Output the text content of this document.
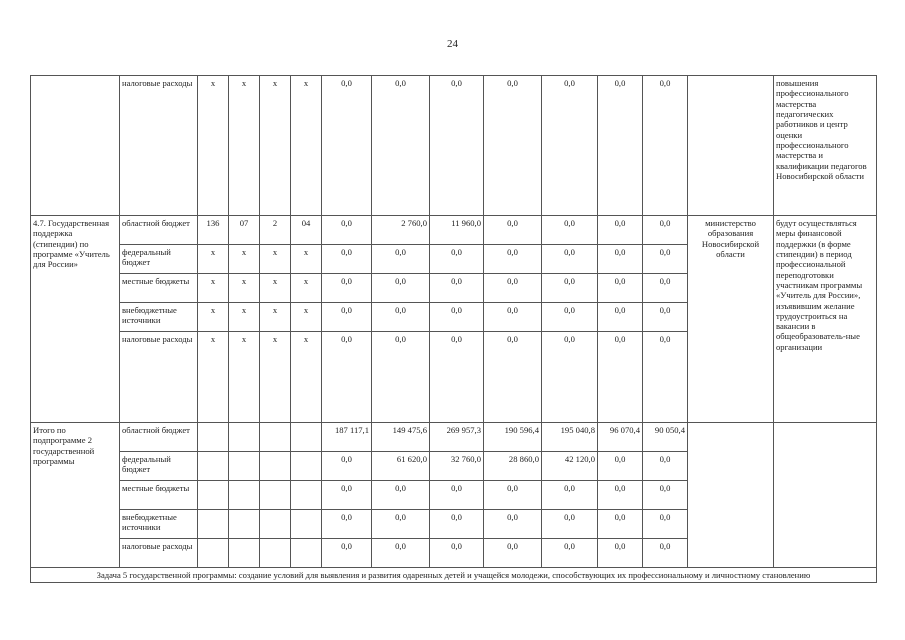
24
	налоговые расходы	х	х	х	х	0,0	0,0	0,0	0,0	0,0	0,0	0,0		повышения профессионального мастерства педагогических работников и центр оценки профессионального мастерства и квалификации педагогов Новосибирской области
4.7. Государственная поддержка (стипендии) по программе «Учитель для России»	областной бюджет	136	07	2	04	0,0	2 760,0	11 960,0	0,0	0,0	0,0	0,0	министерство образования Новосибирской области	будут осуществляться меры финансовой поддержки (в форме стипендии) в период профессиональной переподготовки участникам программы «Учитель для России», изъявившим желание трудоустроиться на вакансии в общеобразователь-ные организации
	федеральный бюджет	х	х	х	х	0,0	0,0	0,0	0,0	0,0	0,0	0,0		
	местные бюджеты	х	х	х	х	0,0	0,0	0,0	0,0	0,0	0,0	0,0		
	внебюджетные источники	х	х	х	х	0,0	0,0	0,0	0,0	0,0	0,0	0,0		
	налоговые расходы	х	х	х	х	0,0	0,0	0,0	0,0	0,0	0,0	0,0		
Итого по подпрограмме 2 государственной программы	областной бюджет					187 117,1	149 475,6	269 957,3	190 596,4	195 040,8	96 070,4	90 050,4		
	федеральный бюджет					0,0	61 620,0	32 760,0	28 860,0	42 120,0	0,0	0,0		
	местные бюджеты					0,0	0,0	0,0	0,0	0,0	0,0	0,0		
	внебюджетные источники					0,0	0,0	0,0	0,0	0,0	0,0	0,0		
	налоговые расходы					0,0	0,0	0,0	0,0	0,0	0,0	0,0		
Задача 5 государственной программы: создание условий для выявления и развития одаренных детей и учащейся молодежи, способствующих их профессиональному и личностному становлению														
